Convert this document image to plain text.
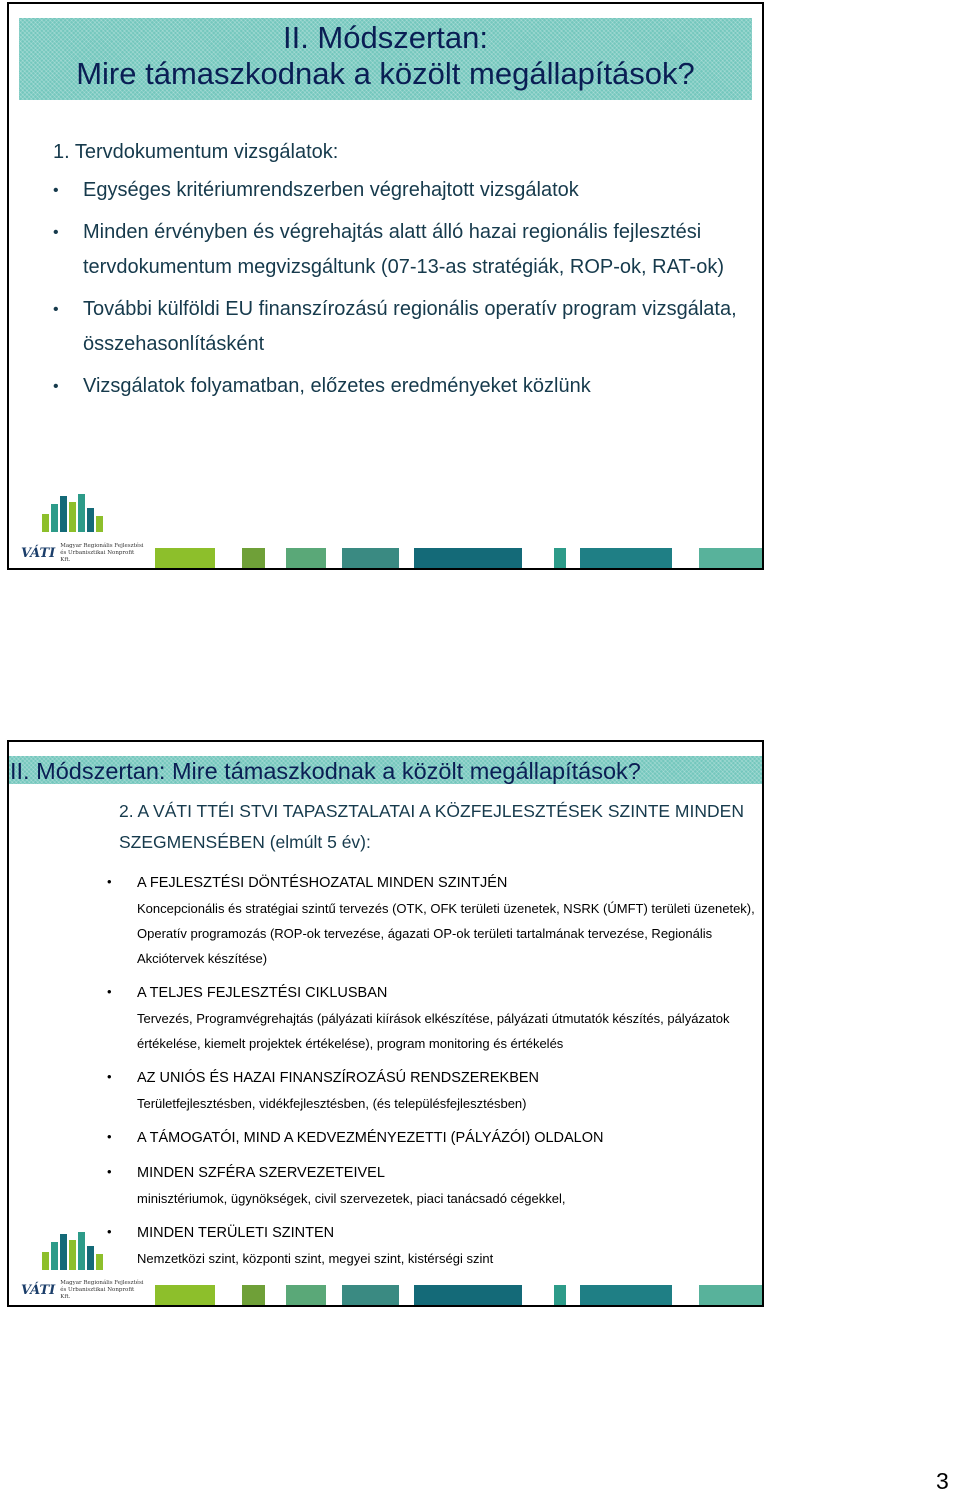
II. Módszertan:
Mire támaszkodnak a közölt megállapítások?
1. Tervdokumentum vizsgálatok:
• Egységes kritériumrendszerben végrehajtott vizsgálatok
• Minden érvényben és végrehajtás alatt álló hazai regionális fejlesztési tervdokumentum megvizsgáltunk (07-13-as stratégiák, ROP-ok, RAT-ok)
• További külföldi EU finanszírozású regionális operatív program vizsgálata, összehasonlításként
• Vizsgálatok folyamatban, előzetes eredményeket közlünk
VÁTI Magyar Regionális Fejlesztési és Urbanisztikai Nonprofit Kft.
II. Módszertan: Mire támaszkodnak a közölt megállapítások?
2. A VÁTI TTÉI STVI TAPASZTALATAI A KÖZFEJLESZTÉSEK SZINTE MINDEN SZEGMENSÉBEN (elmúlt 5 év):
• A FEJLESZTÉSI DÖNTÉSHOZATAL MINDEN SZINTJÉN
Koncepcionális és stratégiai szintű tervezés (OTK, OFK területi üzenetek, NSRK (ÚMFT) területi üzenetek), Operatív programozás (ROP-ok tervezése, ágazati OP-ok területi tartalmának tervezése, Regionális Akciótervek készítése)
• A TELJES FEJLESZTÉSI CIKLUSBAN
Tervezés, Programvégrehajtás (pályázati kiírások elkészítése, pályázati útmutatók készítés, pályázatok értékelése, kiemelt projektek értékelése), program monitoring és értékelés
• AZ UNIÓS ÉS HAZAI FINANSZÍROZÁSÚ RENDSZEREKBEN
Területfejlesztésben, vidékfejlesztésben, (és településfejlesztésben)
• A TÁMOGATÓI, MIND A KEDVEZMÉNYEZETTI (PÁLYÁZÓI) OLDALON
• MINDEN SZFÉRA SZERVEZETEIVEL
minisztériumok, ügynökségek, civil szervezetek, piaci tanácsadó cégekkel,
• MINDEN TERÜLETI SZINTEN
Nemzetközi szint, központi szint, megyei szint, kistérségi szint
VÁTI Magyar Regionális Fejlesztési és Urbanisztikai Nonprofit Kft.
3
